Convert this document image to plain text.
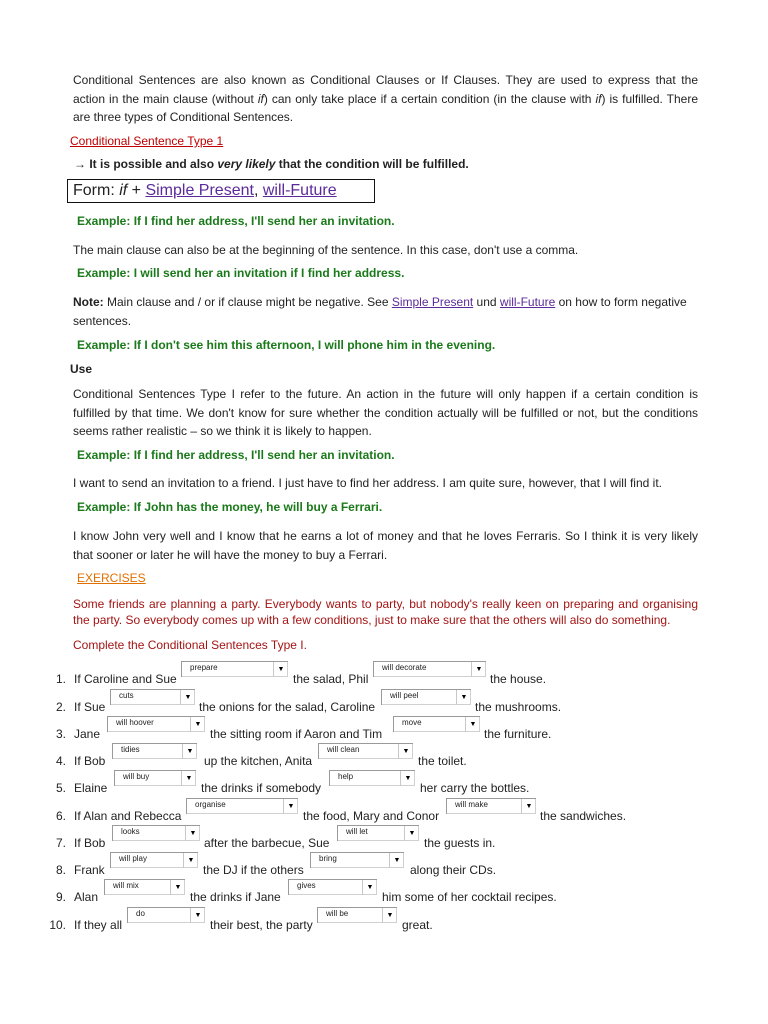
Conditional Sentences are also known as Conditional Clauses or If Clauses. They are used to express that the
action in the main clause (without if) can only take place if a certain condition (in the clause with if) is fulfilled. There
are three types of Conditional Sentences.
Conditional Sentence Type 1
→ It is possible and also very likely that the condition will be fulfilled.
Form: if + Simple Present, will-Future
Example: If I find her address, I'll send her an invitation.
The main clause can also be at the beginning of the sentence. In this case, don't use a comma.
Example: I will send her an invitation if I find her address.
Note: Main clause and / or if clause might be negative. See Simple Present und will-Future on how to form negative
sentences.
Example: If I don't see him this afternoon, I will phone him in the evening.
Use
Conditional Sentences Type I refer to the future. An action in the future will only happen if a certain condition is
fulfilled by that time. We don't know for sure whether the condition actually will be fulfilled or not, but the conditions
seems rather realistic – so we think it is likely to happen.
Example: If I find her address, I'll send her an invitation.
I want to send an invitation to a friend. I just have to find her address. I am quite sure, however, that I will find it.
Example: If John has the money, he will buy a Ferrari.
I know John very well and I know that he earns a lot of money and that he loves Ferraris. So I think it is very likely
that sooner or later he will have the money to buy a Ferrari.
EXERCISES
Some friends are planning a party. Everybody wants to party, but nobody's really keen on preparing and organising
the party. So everybody comes up with a few conditions, just to make sure that the others will also do something.
Complete the Conditional Sentences Type I.
1. If Caroline and Sue
prepare	▼
the salad, Phil
will decorate	▼
the house.
2. If Sue
cuts	▼
the onions for the salad, Caroline
will peel	▼
the mushrooms.
3. Jane
will hoover	▼
the sitting room if Aaron and Tim
move	▼
the furniture.
4. If Bob
tidies	▼
up the kitchen, Anita
will clean	▼
the toilet.
5. Elaine
will buy	▼
the drinks if somebody
help	▼
her carry the bottles.
6. If Alan and Rebecca
organise	▼
the food, Mary and Conor
will make	▼
the sandwiches.
7. If Bob
looks	▼
after the barbecue, Sue
will let	▼
the guests in.
8. Frank
will play	▼
the DJ if the others
bring	▼
along their CDs.
9. Alan
will mix	▼
the drinks if Jane
gives	▼
him some of her cocktail recipes.
10. If they all
do	▼
their best, the party
will be	▼
great.
